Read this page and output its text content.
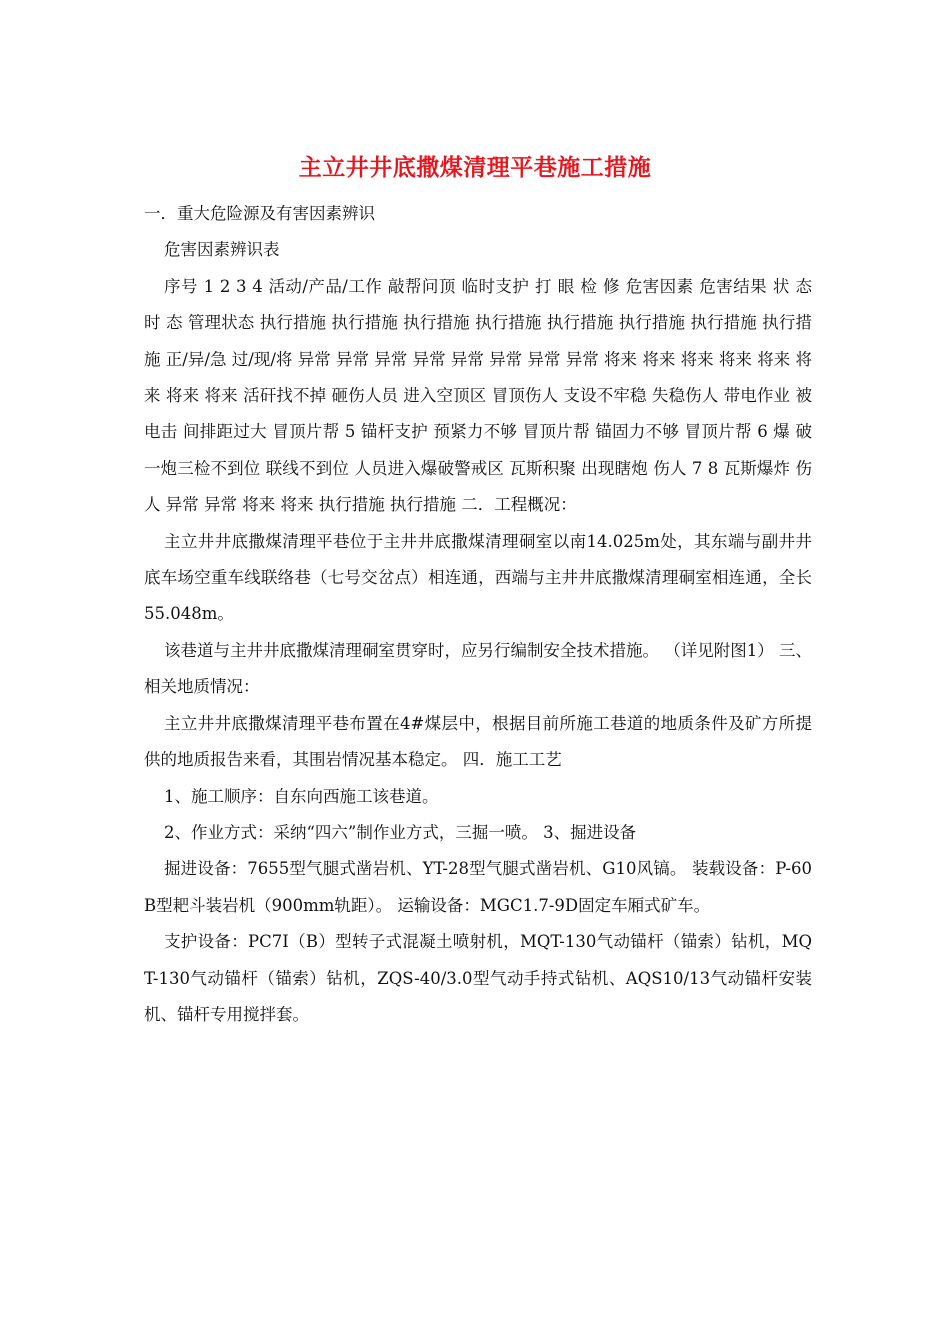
主立井井底撒煤清理平巷施工措施

一．重大危险源及有害因素辨识

危害因素辨识表

序号 1 2 3 4 活动/产品/工作 敲帮问顶 临时支护 打 眼 检 修 危害因素 危害结果 状 态 时 态 管理状态 执行措施 执行措施 执行措施 执行措施 执行措施 执行措施 执行措施 执行措施 正/异/急 过/现/将 异常 异常 异常 异常 异常 异常 异常 异常 将来 将来 将来 将来 将来 将来 将来 将来 活矸找不掉 砸伤人员 进入空顶区 冒顶伤人 支设不牢稳 失稳伤人 带电作业 被电击 间排距过大 冒顶片帮 5 锚杆支护 预紧力不够 冒顶片帮 锚固力不够 冒顶片帮 6 爆 破 一炮三检不到位 联线不到位 人员进入爆破警戒区 瓦斯积聚 出现瞎炮 伤人 7 8 瓦斯爆炸 伤人 异常 异常 将来 将来 执行措施 执行措施 二．工程概况：

主立井井底撒煤清理平巷位于主井井底撒煤清理硐室以南14.025m处，其东端与副井井底车场空重车线联络巷（七号交岔点）相连通，西端与主井井底撒煤清理硐室相连通，全长55.048m。

该巷道与主井井底撒煤清理硐室贯穿时，应另行编制安全技术措施。 （详见附图1） 三、相关地质情况：

主立井井底撒煤清理平巷布置在4#煤层中，根据目前所施工巷道的地质条件及矿方所提供的地质报告来看，其围岩情况基本稳定。 四．施工工艺

1、施工顺序：自东向西施工该巷道。

2、作业方式：采纳“四六”制作业方式，三掘一喷。 3、掘进设备

掘进设备：7655型气腿式凿岩机、YT-28型气腿式凿岩机、G10风镐。 装载设备：P-60B型耙斗装岩机（900mm轨距）。 运输设备：MGC1.7-9D固定车厢式矿车。

支护设备：PC7I（B）型转子式混凝土喷射机，MQT-130气动锚杆（锚索）钻机，MQT-130气动锚杆（锚索）钻机，ZQS-40/3.0型气动手持式钻机、AQS10/13气动锚杆安装机、锚杆专用搅拌套。
